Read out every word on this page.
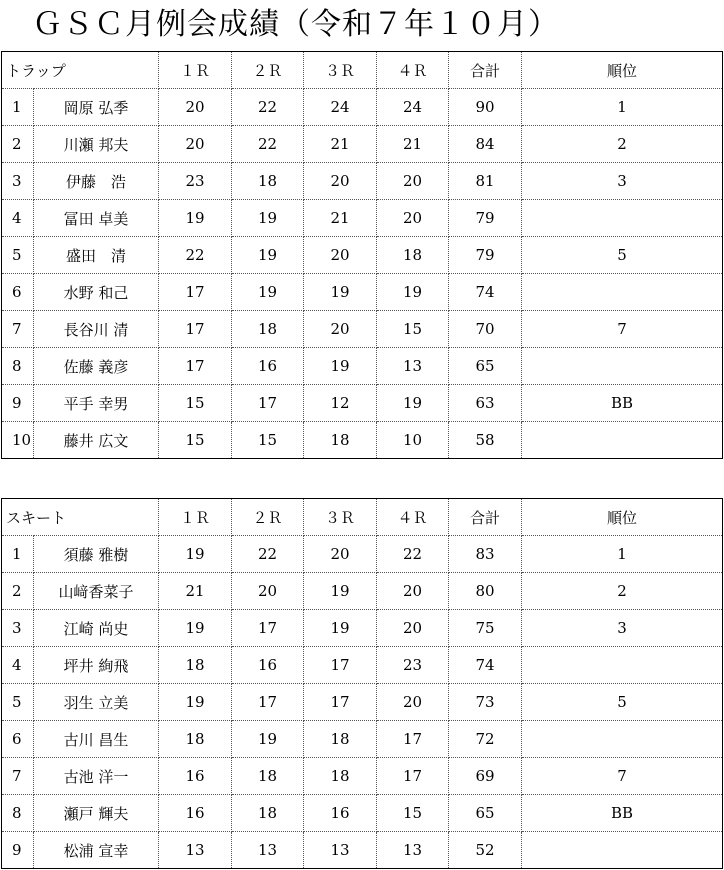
ＧＳＣ月例会成績（令和７年１０月）
トラップ		１Ｒ	２Ｒ	３Ｒ	４Ｒ	合計	順位
1	岡原 弘季	20	22	24	24	90	1
2	川瀬 邦夫	20	22	21	21	84	2
3	伊藤　浩	23	18	20	20	81	3
4	冨田 卓美	19	19	21	20	79	
5	盛田　清	22	19	20	18	79	5
6	水野 和己	17	19	19	19	74	
7	長谷川 清	17	18	20	15	70	7
8	佐藤 義彦	17	16	19	13	65	
9	平手 幸男	15	17	12	19	63	BB
10	藤井 広文	15	15	18	10	58	
スキート		１Ｒ	２Ｒ	３Ｒ	４Ｒ	合計	順位
1	須藤 雅樹	19	22	20	22	83	1
2	山﨑香菜子	21	20	19	20	80	2
3	江崎 尚史	19	17	19	20	75	3
4	坪井 絢飛	18	16	17	23	74	
5	羽生 立美	19	17	17	20	73	5
6	古川 昌生	18	19	18	17	72	
7	古池 洋一	16	18	18	17	69	7
8	瀬戸 輝夫	16	18	16	15	65	BB
9	松浦 宣幸	13	13	13	13	52	
